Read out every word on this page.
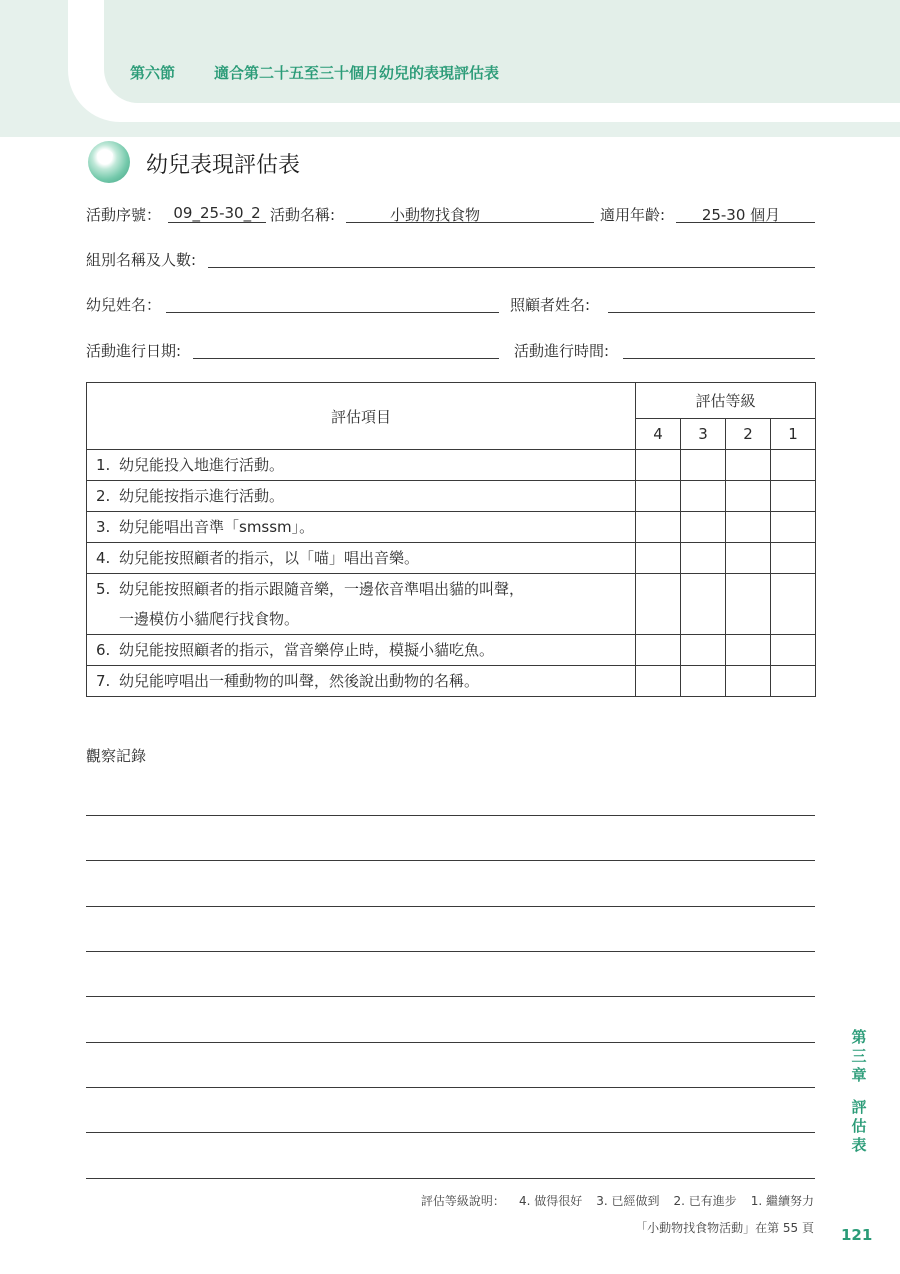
第六節	適合第二十五至三十個月幼兒的表現評估表
幼兒表現評估表
活動序號： 09_25-30_2 活動名稱:	小動物找食物	適用年齡:	25-30 個月
組別名稱及人數:
幼兒姓名：	照顧者姓名:
活動進行日期:	活動進行時間:
評估項目	評估等級			
	4	3	2	1
1. 幼兒能投入地進行活動。				
2. 幼兒能按指示進行活動。				
3. 幼兒能唱出音準「smssm」。				
4. 幼兒能按照顧者的指示，以「喵」唱出音樂。				

5. 幼兒能按照顧者的指示跟隨音樂，一邊依音準唱出貓的叫聲，
一邊模仿小貓爬行找食物。				

6. 幼兒能按照顧者的指示，當音樂停止時，模擬小貓吃魚。				
7. 幼兒能哼唱出一種動物的叫聲，然後說出動物的名稱。				
觀察記錄
評估等級說明： 4. 做得很好 3. 已經做到 2. 已有進步 1. 繼續努力
「小動物找食物活動」在第 55 頁
第三章
評估表
121
